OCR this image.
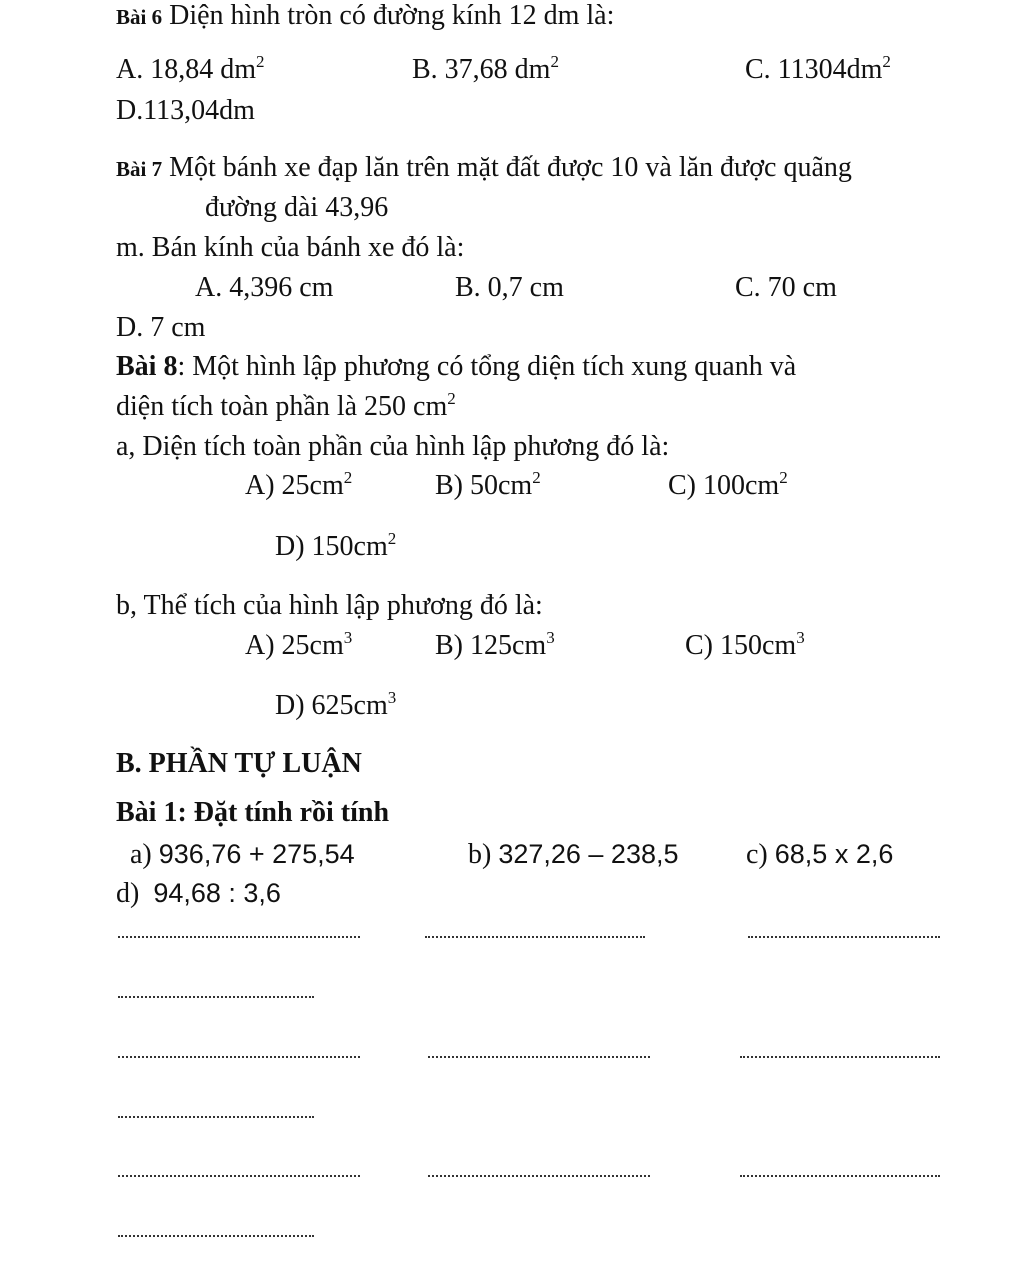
Bài 6 Diện hình tròn có đường kính 12 dm là:
A. 18,84 $dm^2$	B. 37,68 $dm^2$	C. $11304dm^2$
D.113,04dm
Bài 7 Một bánh xe đạp lăn trên mặt đất được 10 và lăn được quãng
đường dài 43,96
m. Bán kính của bánh xe đó là:
A. 4,396 cm	B. 0,7 cm	C. 70 cm
D. 7 cm
Bài 8: Một hình lập phương có tổng diện tích xung quanh và
diện tích toàn phần là 250 $cm^2$
a, Diện tích toàn phần của hình lập phương đó là:
A) $25cm^2$	B) $50cm^2$	C) $100cm^2$
D) $150cm^2$
b, Thể tích của hình lập phương đó là:
A) $25cm^3$	B) $125cm^3$	C) $150cm^3$
D) $625cm^3$
B. PHẦN TỰ LUẬN
Bài 1: Đặt tính rồi tính
a) 936,76 + 275,54	b) 327,26 – 238,5 c) 68,5 x 2,6
d) 94,68 : 3,6
